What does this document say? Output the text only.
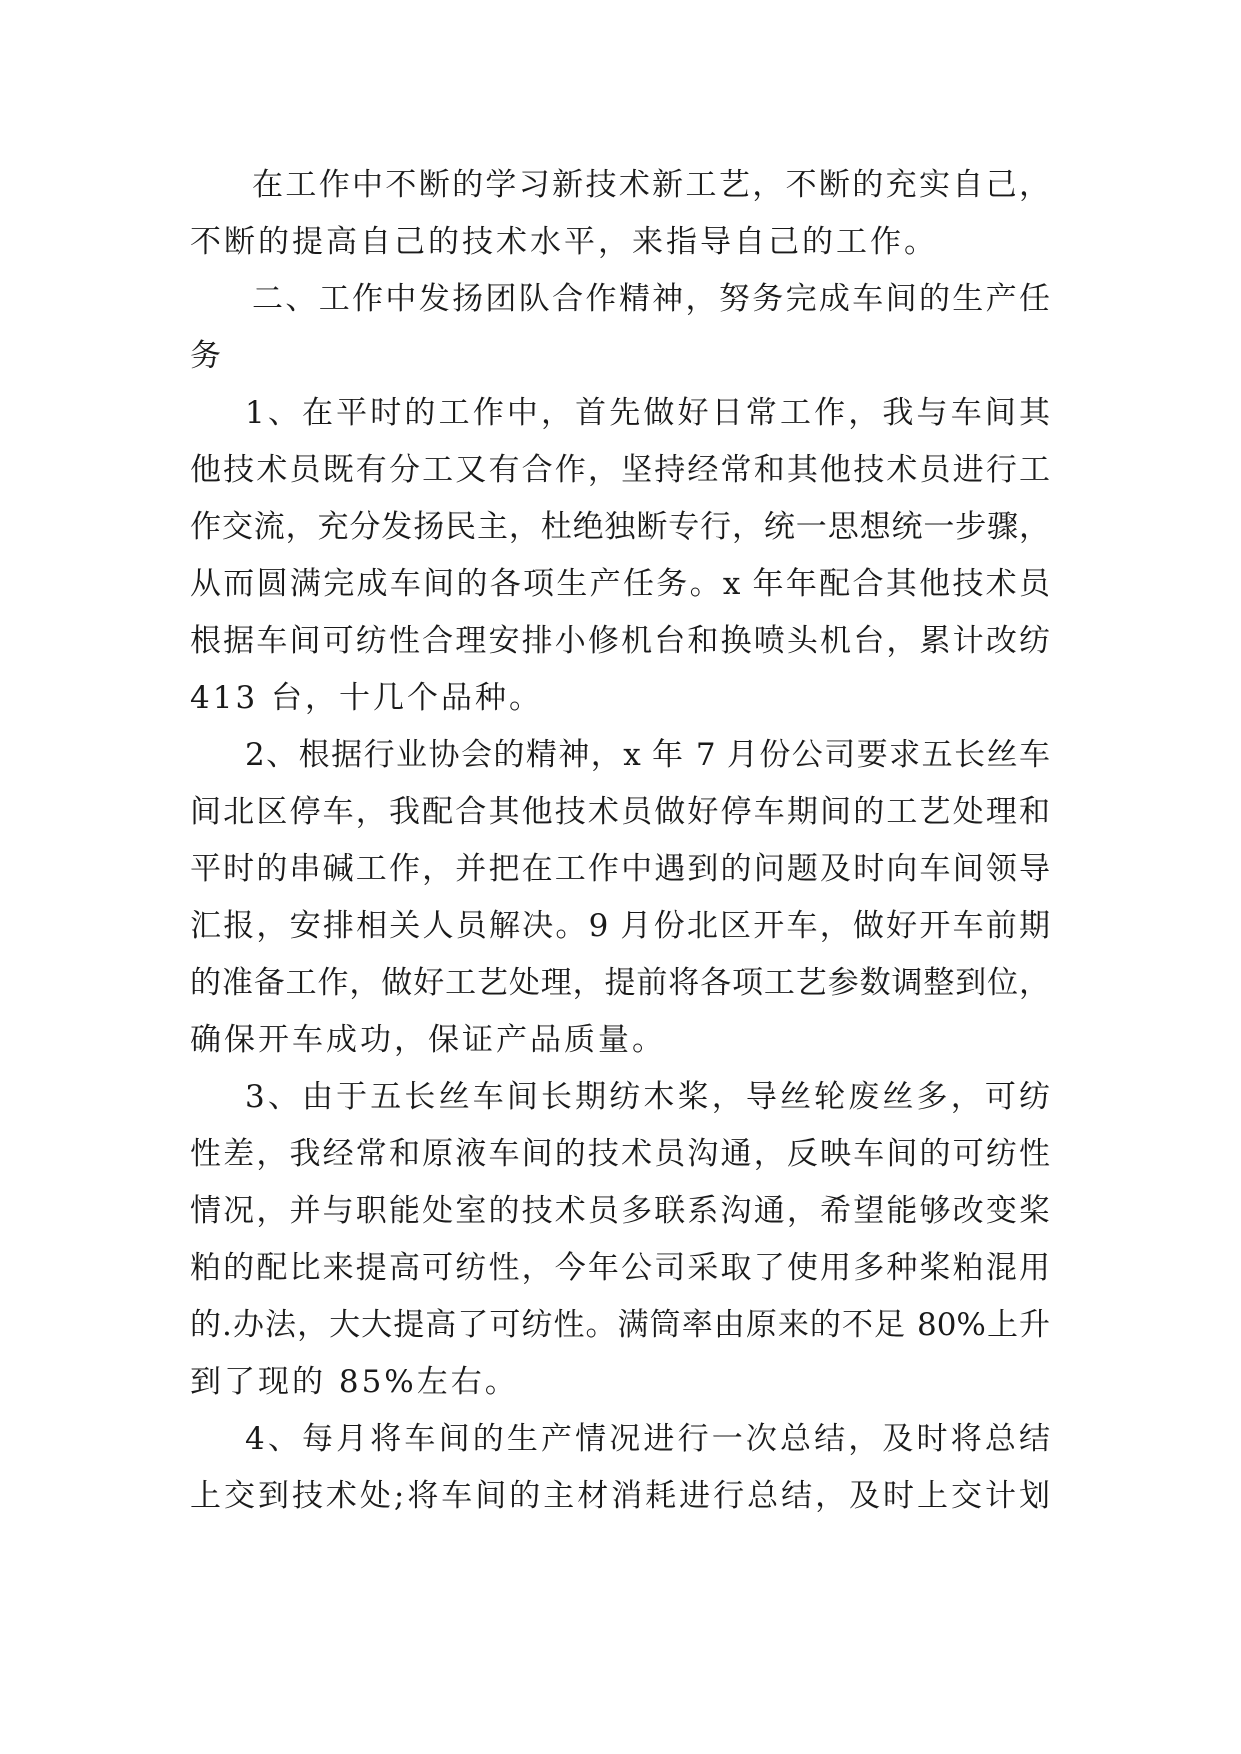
在工作中不断的学习新技术新工艺，不断的充实自己，
不断的提高自己的技术水平，来指导自己的工作。
二、工作中发扬团队合作精神，努务完成车间的生产任
务
1、在平时的工作中，首先做好日常工作，我与车间其
他技术员既有分工又有合作，坚持经常和其他技术员进行工
作交流，充分发扬民主，杜绝独断专行，统一思想统一步骤，
从而圆满完成车间的各项生产任务。x 年年配合其他技术员
根据车间可纺性合理安排小修机台和换喷头机台，累计改纺
413 台，十几个品种。
2、根据行业协会的精神，x 年 7 月份公司要求五长丝车
间北区停车，我配合其他技术员做好停车期间的工艺处理和
平时的串碱工作，并把在工作中遇到的问题及时向车间领导
汇报，安排相关人员解决。9 月份北区开车，做好开车前期
的准备工作，做好工艺处理，提前将各项工艺参数调整到位，
确保开车成功，保证产品质量。
3、由于五长丝车间长期纺木桨，导丝轮废丝多，可纺
性差，我经常和原液车间的技术员沟通，反映车间的可纺性
情况，并与职能处室的技术员多联系沟通，希望能够改变桨
粕的配比来提高可纺性，今年公司采取了使用多种桨粕混用
的.办法，大大提高了可纺性。满筒率由原来的不足 80%上升
到了现的 85%左右。
4、每月将车间的生产情况进行一次总结，及时将总结
上交到技术处;将车间的主材消耗进行总结，及时上交计划
